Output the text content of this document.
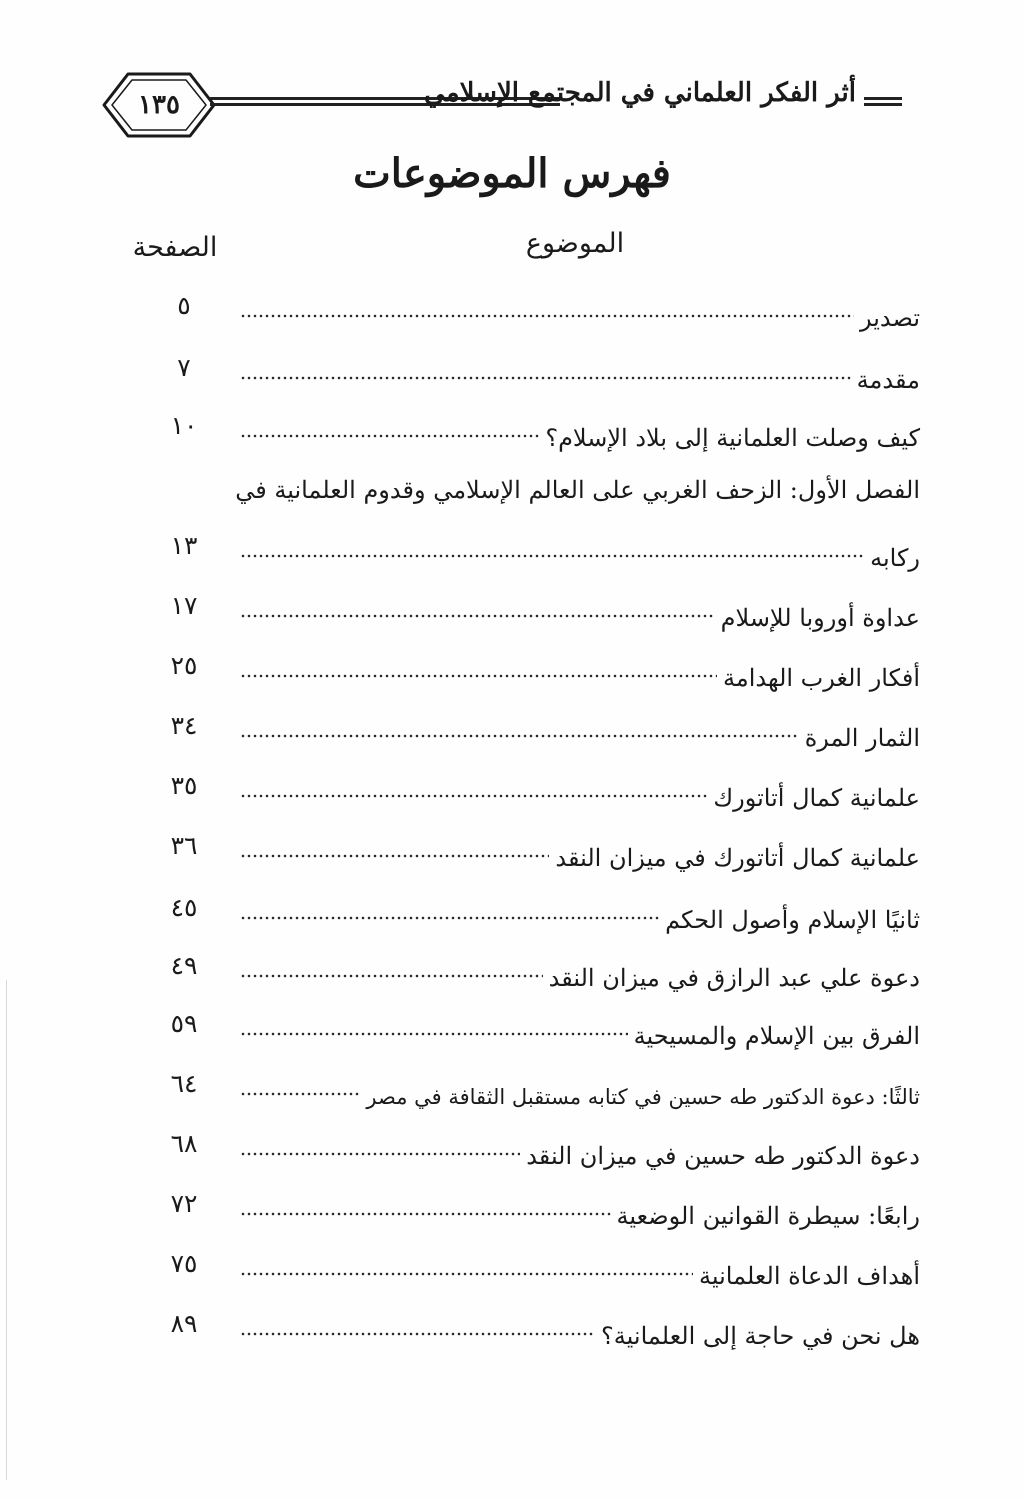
١٣٥	أثر الفكر العلماني في المجتمع الإسلامي
فهرس الموضوعات
الموضوع
الصفحة
٥	تصدير
٧	مقدمة
١٠	كيف وصلت العلمانية إلى بلاد الإسلام؟
الفصل الأول: الزحف الغربي على العالم الإسلامي وقدوم العلمانية في
١٣	ركابه
١٧	عداوة أوروبا للإسلام
٢٥	أفكار الغرب الهدامة
٣٤	الثمار المرة
٣٥	علمانية كمال أتاتورك
٣٦	علمانية كمال أتاتورك في ميزان النقد
٤٥	ثانيًا الإسلام وأصول الحكم
٤٩	دعوة علي عبد الرازق في ميزان النقد
٥٩	الفرق بين الإسلام والمسيحية
٦٤	ثالثًا: دعوة الدكتور طه حسين في كتابه مستقبل الثقافة في مصر
٦٨	دعوة الدكتور طه حسين في ميزان النقد
٧٢	رابعًا: سيطرة القوانين الوضعية
٧٥	أهداف الدعاة العلمانية
٨٩	هل نحن في حاجة إلى العلمانية؟
